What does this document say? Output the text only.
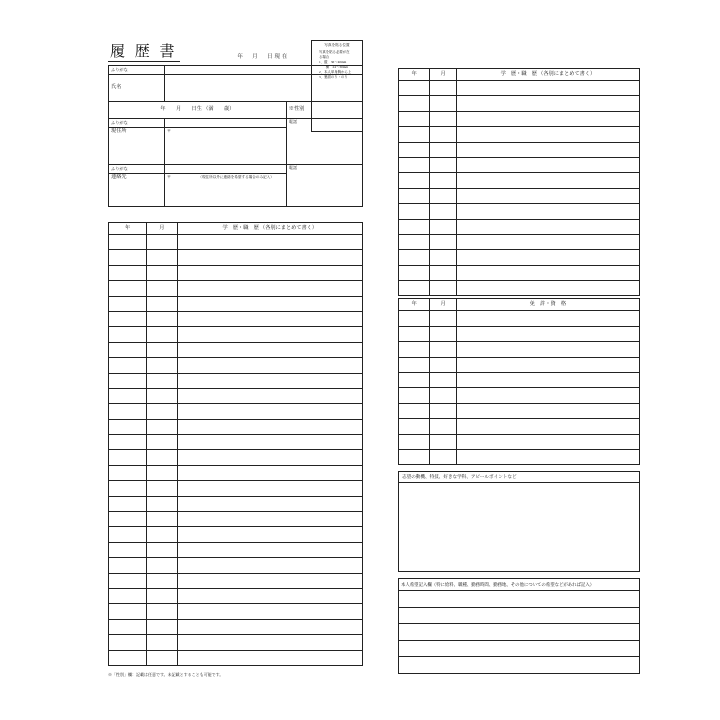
履 歴 書	年　月　日現在
ふりがな		
氏名		
年　　月　　日生 （満　　歳）		※性別
ふりがな		電話
現住所	〒	
ふりがな		電話
連絡先	〒 （現住所以外に連絡を希望する場合のみ記入）	
年	月	学　歴・職　歴 （各別にまとめて書く）

※「性別」欄：記載は任意です。未記載とすることも可能です。
写真を貼る位置
写真を貼る必要が在
る場合
1．縦　36～40mm
　　横　24～30mm
2．本人単身胸から上
3．裏面のり・のり
年	月	学　歴・職　歴 （各別にまとめて書く）

年	月	免　許・資　格

志望の動機、特技、好きな学科、アピールポイントなど
本人希望記入欄（特に給料、職種、勤務時間、勤務地、その他についての希望などがあれば記入）
